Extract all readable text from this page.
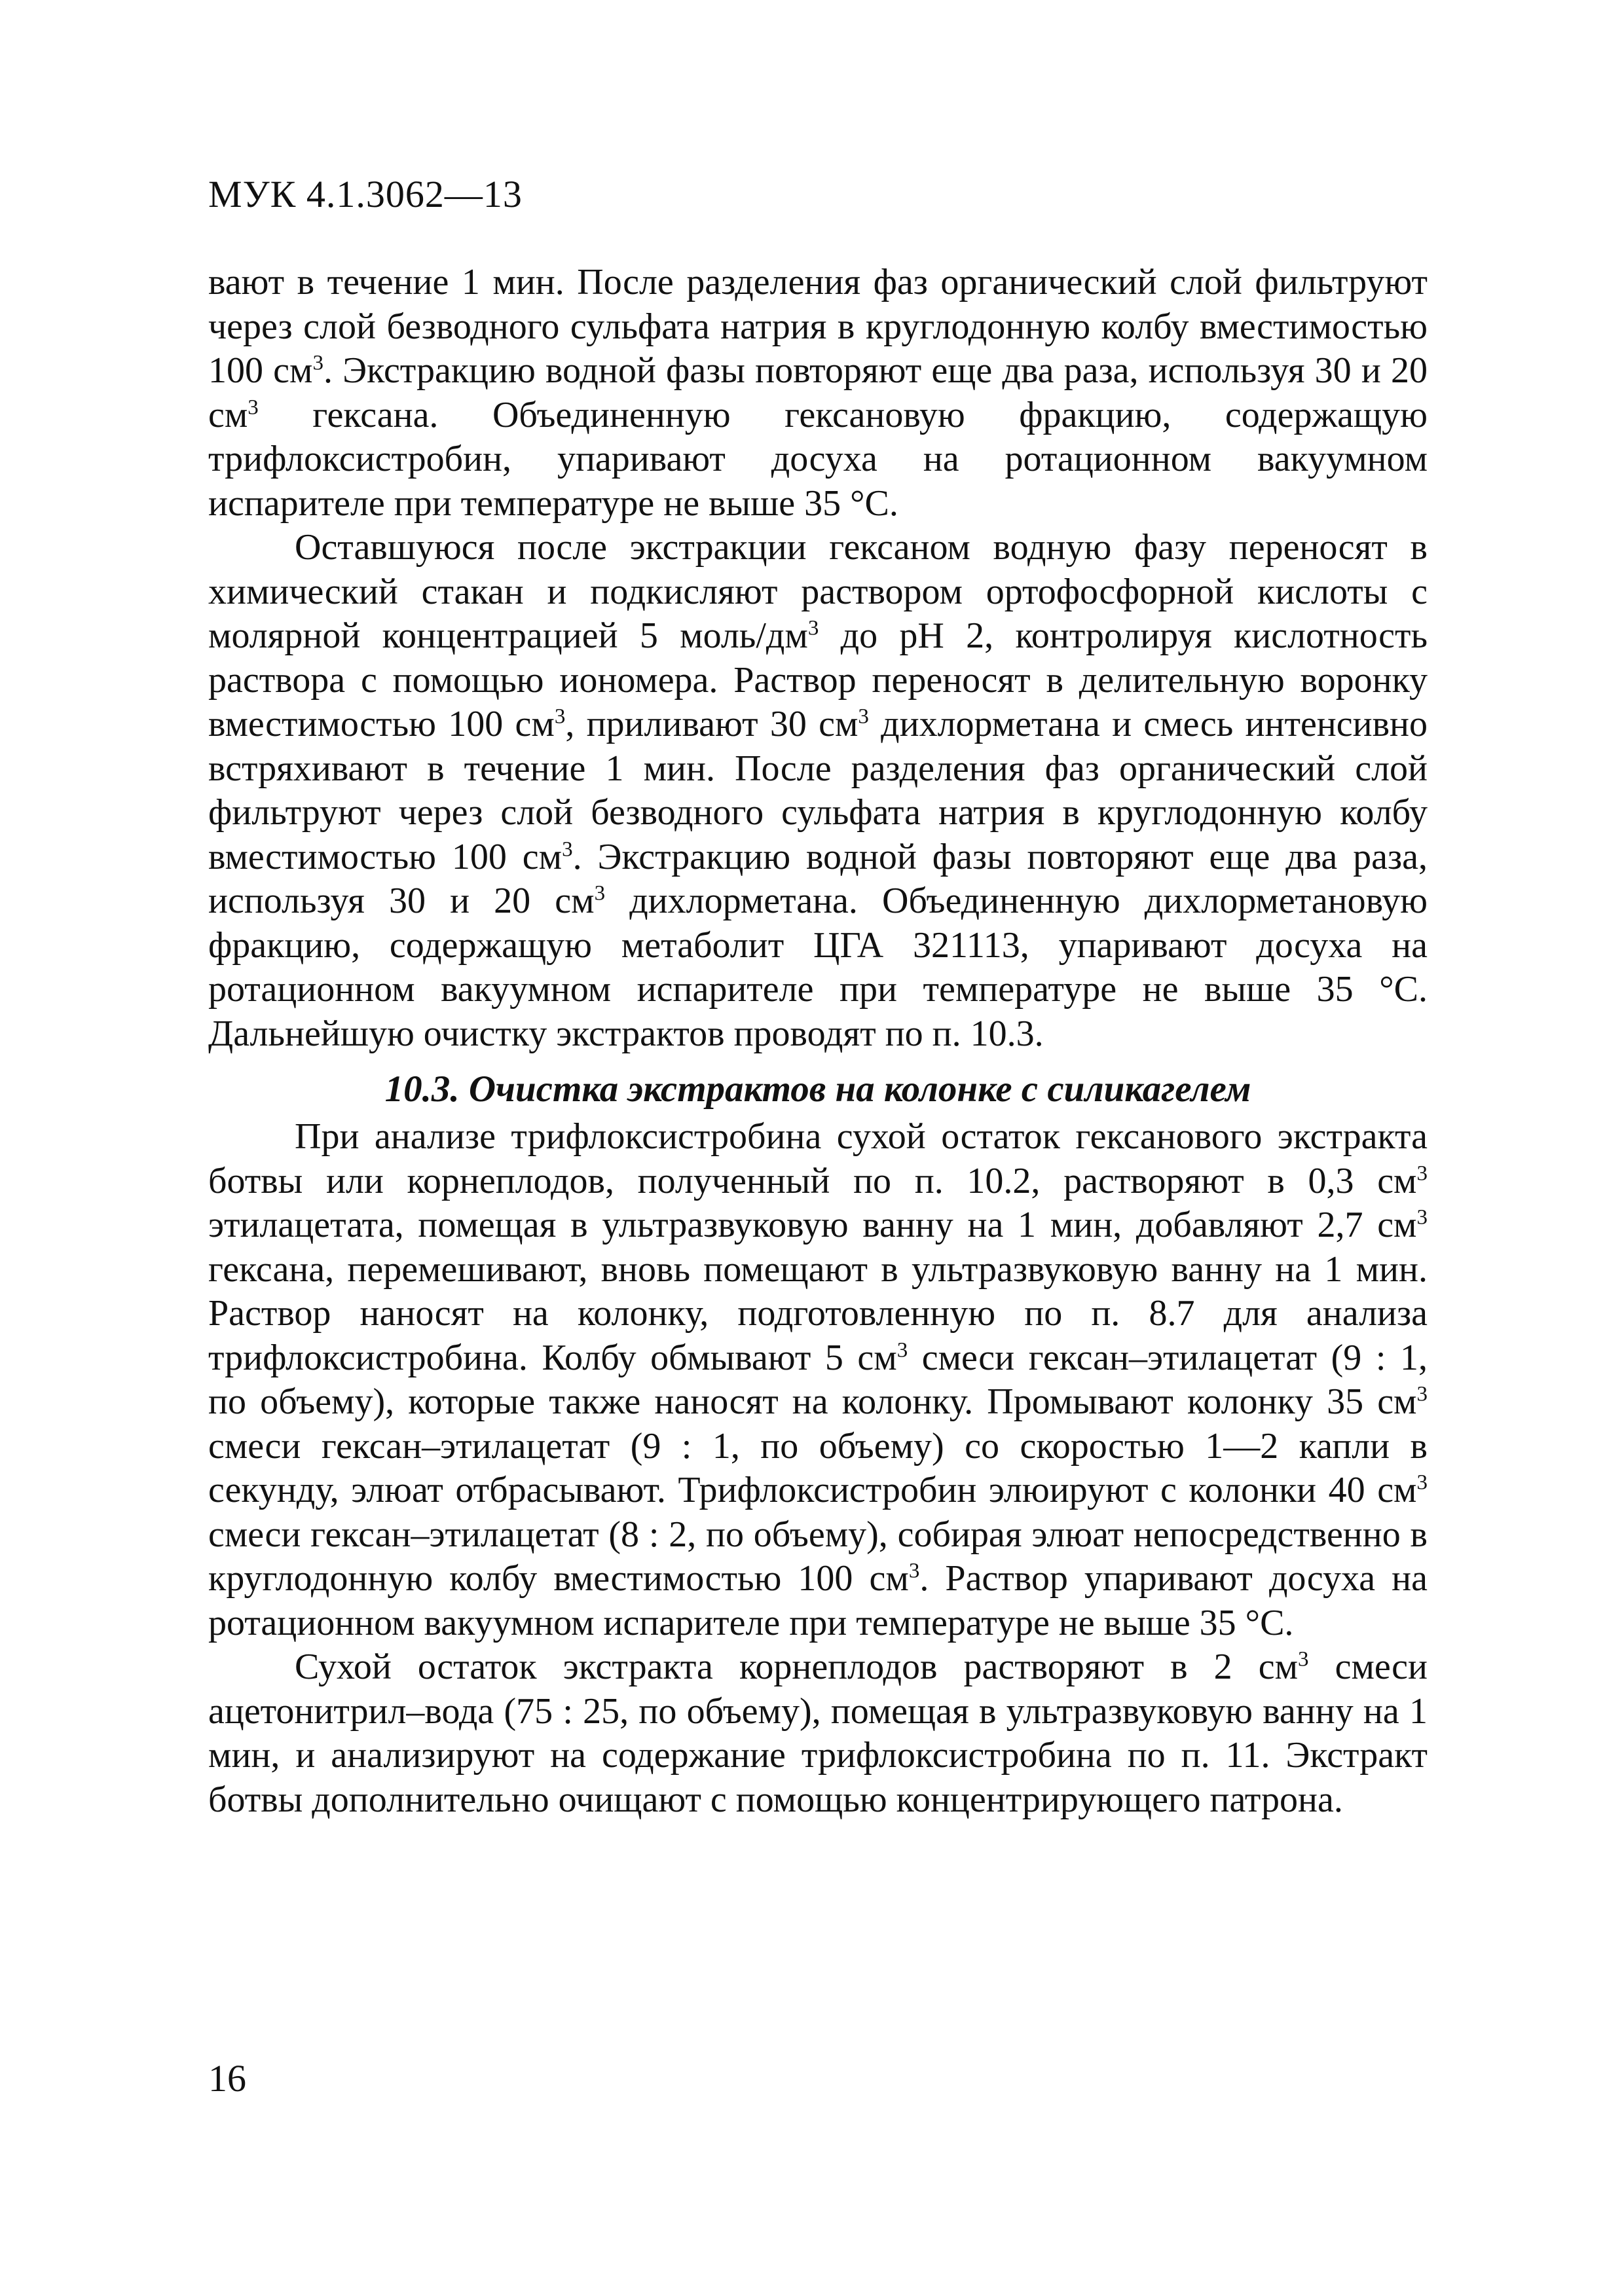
МУК 4.1.3062—13

вают в течение 1 мин. После разделения фаз органический слой фильтруют через слой безводного сульфата натрия в круглодонную колбу вместимостью 100 $см^3$. Экстракцию водной фазы повторяют еще два раза, используя 30 и 20 $см^3$ гексана. Объединенную гексановую фракцию, содержащую трифлоксистробин, упаривают досуха на ротационном вакуумном испарителе при температуре не выше 35 °С.

Оставшуюся после экстракции гексаном водную фазу переносят в химический стакан и подкисляют раствором ортофосфорной кислоты с молярной концентрацией 5 моль/$дм^3$ до рН 2, контролируя кислотность раствора с помощью иономера. Раствор переносят в делительную воронку вместимостью 100 $см^3$, приливают 30 $см^3$ дихлорметана и смесь интенсивно встряхивают в течение 1 мин. После разделения фаз органический слой фильтруют через слой безводного сульфата натрия в круглодонную колбу вместимостью 100 $см^3$. Экстракцию водной фазы повторяют еще два раза, используя 30 и 20 $см^3$ дихлорметана. Объединенную дихлорметановую фракцию, содержащую метаболит ЦГА 321113, упаривают досуха на ротационном вакуумном испарителе при температуре не выше 35 °С. Дальнейшую очистку экстрактов проводят по п. 10.3.

10.3. Очистка экстрактов на колонке с силикагелем

При анализе трифлоксистробина сухой остаток гексанового экстракта ботвы или корнеплодов, полученный по п. 10.2, растворяют в 0,3 $см^3$ этилацетата, помещая в ультразвуковую ванну на 1 мин, добавляют 2,7 $см^3$ гексана, перемешивают, вновь помещают в ультразвуковую ванну на 1 мин. Раствор наносят на колонку, подготовленную по п. 8.7 для анализа трифлоксистробина. Колбу обмывают 5 $см^3$ смеси гексан–этилацетат (9 : 1, по объему), которые также наносят на колонку. Промывают колонку 35 $см^3$ смеси гексан–этилацетат (9 : 1, по объему) со скоростью 1—2 капли в секунду, элюат отбрасывают. Трифлоксистробин элюируют с колонки 40 $см^3$ смеси гексан–этилацетат (8 : 2, по объему), собирая элюат непосредственно в круглодонную колбу вместимостью 100 $см^3$. Раствор упаривают досуха на ротационном вакуумном испарителе при температуре не выше 35 °С.

Сухой остаток экстракта корнеплодов растворяют в 2 $см^3$ смеси ацетонитрил–вода (75 : 25, по объему), помещая в ультразвуковую ванну на 1 мин, и анализируют на содержание трифлоксистробина по п. 11. Экстракт ботвы дополнительно очищают с помощью концентрирующего патрона.

16
